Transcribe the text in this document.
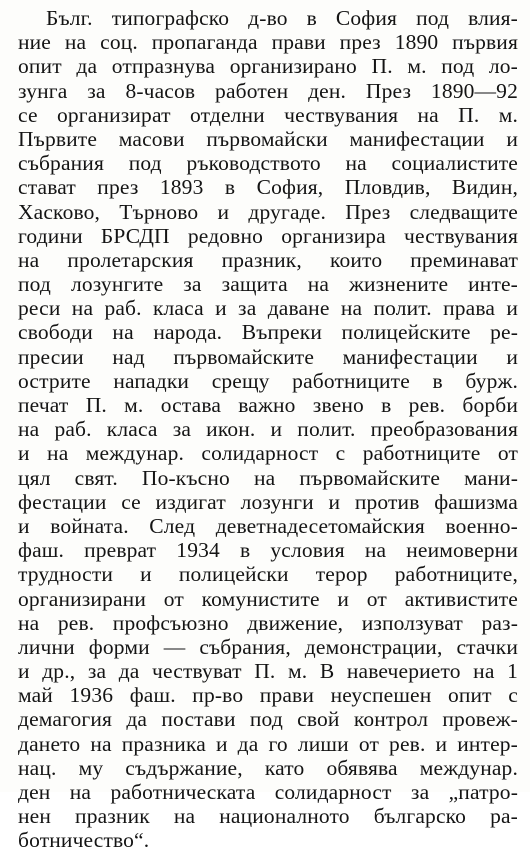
Бълг. типографско д-во в София под влия-
ние на соц. пропаганда прави през 1890 първия
опит да отпразнува организирано П. м. под ло-
зунга за 8-часов работен ден. През 1890—92
се организират отделни чествувания на П. м.
Първите масови първомайски манифестации и
събрания под ръководството на социалистите
стават през 1893 в София, Пловдив, Видин,
Хасково, Търново и другаде. През следващите
години БРСДП редовно организира чествувания
на пролетарския празник, които преминават
под лозунгите за защита на жизнените инте-
реси на раб. класа и за даване на полит. права и
свободи на народа. Въпреки полицейските ре-
пресии над първомайските манифестации и
острите нападки срещу работниците в бурж.
печат П. м. остава важно звено в рев. борби
на раб. класа за икон. и полит. преобразования
и на междунар. солидарност с работниците от
цял свят. По-късно на първомайските мани-
фестации се издигат лозунги и против фашизма
и войната. След деветнадесетомайския военно-
фаш. преврат 1934 в условия на неимоверни
трудности и полицейски терор работниците,
организирани от комунистите и от активистите
на рев. профсъюзно движение, използуват раз-
лични форми — събрания, демонстрации, стачки
и др., за да чествуват П. м. В навечерието на 1
май 1936 фаш. пр-во прави неуспешен опит с
демагогия да постави под свой контрол провеж-
дането на празника и да го лиши от рев. и интер-
нац. му съдържание, като обявява междунар.
ден на работническата солидарност за „патро-
нен празник на националното българско ра-
ботничество“.
